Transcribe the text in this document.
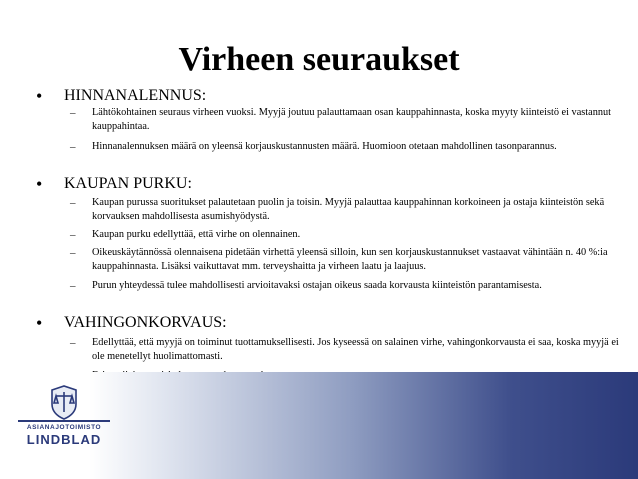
Virheen seuraukset
• HINNANALENNUS:
– Lähtökohtainen seuraus virheen vuoksi. Myyjä joutuu palauttamaan osan kauppahinnasta, koska myyty kiinteistö ei vastannut kauppahintaa.
– Hinnanalennuksen määrä on yleensä korjauskustannusten määrä. Huomioon otetaan mahdollinen tasonparannus.
• KAUPAN PURKU:
– Kaupan purussa suoritukset palautetaan puolin ja toisin. Myyjä palauttaa kauppahinnan korkoineen ja ostaja kiinteistön sekä korvauksen mahdollisesta asumishyödystä.
– Kaupan purku edellyttää, että virhe on olennainen.
– Oikeuskäytännössä olennaisena pidetään virhettä yleensä silloin, kun sen korjauskustannukset vastaavat vähintään n. 40 %:ia kauppahinnasta. Lisäksi vaikuttavat mm. terveyshaitta ja virheen laatu ja laajuus.
– Purun yhteydessä tulee mahdollisesti arvioitavaksi ostajan oikeus saada korvausta kiinteistön parantamisesta.
• VAHINGONKORVAUS:
– Edellyttää, että myyjä on toiminut tuottamuksellisesti. Jos kyseessä on salainen virhe, vahingonkorvausta ei saa, koska myyjä ei ole menetellyt huolimattomasti.
ASIANAJOTOIMISTO
LINDBLAD
